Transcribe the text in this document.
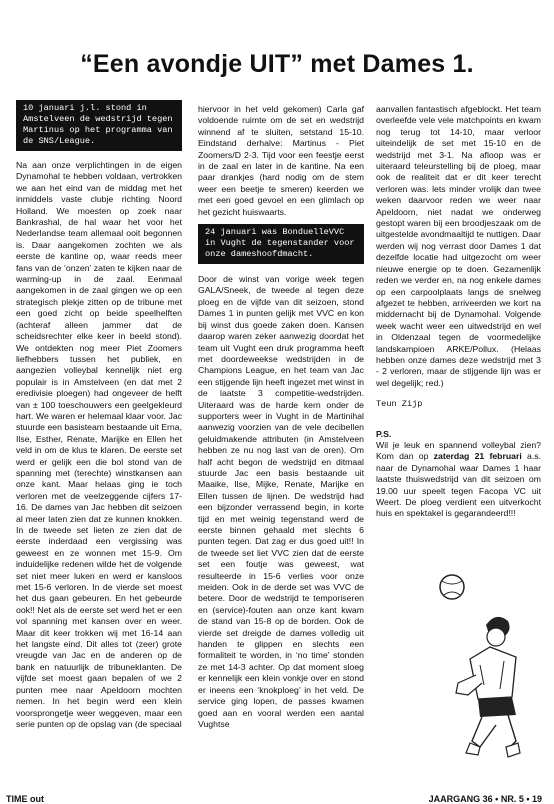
“Een avondje UIT” met Dames 1.
10 januari j.l. stond in Amstelveen de wedstrijd tegen Martinus op het programma van de SNS/League.

Na aan onze verplichtingen in de eigen Dynamohal te hebben voldaan, vertrokken we aan het eind van de middag met het inmiddels vaste clubje richting Noord Holland. We moesten op zoek naar Bankrashal, de hal waar het voor het Nederlandse team allemaal ooit begonnen is. Daar aangekomen zochten we als eerste de kantine op, waar reeds meer fans van de ‘onzen’ zaten te kijken naar de warming-up in de zaal. Eenmaal aangekomen in de zaal gingen we op een strategisch plekje zitten op de tribune met een goed zicht op beide speelhelften (achteraf alleen jammer dat de scheidsrechter elke keer in beeld stond). We ontdekten nog meer Piet Zoomers liefhebbers tussen het publiek, en aangezien volleybal kennelijk niet erg populair is in Amstelveen (en dat met 2 eredivisie ploegen) had ongeveer de helft van ± 100 toeschouwers een geelgekleurd hart. We waren er helemaal klaar voor. Jac stuurde een basisteam bestaande uit Erna, Ilse, Esther, Renate, Marijke en Ellen het veld in om de klus te klaren. De eerste set werd er gelijk een die bol stond van de spanning met (terechte) winstkansen aan onze kant. Maar helaas ging ie toch verloren met de veelzeggende cijfers 17-16. De dames van Jac hebben dit seizoen al meer laten zien dat ze kunnen knokken. In de tweede set lieten ze zien dat de eerste inderdaad een vergissing was geweest en ze wonnen met 15-9. Om induidelijke redenen wilde het de volgende set niet meer luken en werd er kansloos met 15-6 verloren. In de vierde set moest het dus gaan gebeuren. En het gebeurde ook!! Net als de eerste set werd het er een vol spanning met kansen over en weer. Maar dit keer trokken wij met 16-14 aan het langste eind. Dit alles tot (zeer) grote vreugde van Jac en de anderen op de bank en natuurlijk de tribunekIanten. De vijfde set moest gaan bepalen of we 2 punten mee naar Apeldoorn mochten nemen. In het begin werd een klein voorsprongetje weer weggeven, maar een serie punten op de opslag van (de speciaal

hiervoor in het veld gekomen) Carla gaf voldoende ruimte om de set en wedstrijd winnend af te sluiten, setstand 15-10. Eindstand derhalve: Martinus - Piet Zoomers/D 2-3. Tijd voor een feestje eerst in de zaal en later in de kantine. Na een paar drankjes (hard nodig om de stem weer een beetje te smeren) keerden we met een goed gevoel en een glimlach op het gezicht huiswaarts.

24 januari was BonduelleVVC in Vught de tegenstander voor onze dameshoofdmacht.

Door de winst van vorige week tegen GALA/Sneek, de tweede al tegen deze ploeg en de vijfde van dit seizoen, stond Dames 1 in punten gelijk met VVC en kon bij winst dus goede zaken doen. Kansen daarop waren zeker aanwezig doordat het team uit Vught een druk programma heeft met doordeweekse wedstrijden in de Champions League, en het team van Jac een stijgende lijn heeft ingezet met winst in de laatste 3 competitie-wedstrijden. Uiteraard was de harde kern onder de supporters weer in Vught in de Martinihal aanwezig voorzien van de vele decibellen geluidmakende attributen (in Amstelveen hebben ze nu nog last van de oren). Om half acht begon de wedstrijd en ditmaal stuurde Jac een basis bestaande uit Maaike, Ilse, Mijke, Renate, Marijke en Ellen tussen de lijnen. De wedstrijd had een bijzonder verrassend begin, in korte tijd en met weinig tegenstand werd de eerste binnen gehaald met slechts 6 punten tegen. Dat zag er dus goed uit!! In de tweede set liet VVC zien dat de eerste set een foutje was geweest, wat resulteerde in 15-6 verlies voor onze meiden. Ook in de derde set was VVC de betere. Door de wedstrijd te temporiseren en (service)-fouten aan onze kant kwam de stand van 15-8 op de borden. Ook de vierde set dreigde de dames volledig uit handen te glippen en slechts een formaliteit te worden, in ‘no time’ stonden ze met 14-3 achter. Op dat moment sloeg er kennelijk een klein vonkje over en stond er ineens een ‘knokploeg’ in het veld. De service ging lopen, de passes kwamen goed aan en vooral werden een aantal Vughtse

aanvallen fantastisch afgeblockt. Het team overleefde vele vele matchpoints en kwam nog terug tot 14-10, maar verloor uiteindelijk de set met 15-10 en de wedstrijd met 3-1. Na afloop was er uiteraard teleurstelling bij de ploeg, maar ook de realiteit dat er dit keer terecht verloren was. lets minder vrolijk dan twee weken daarvoor reden we weer naar Apeldoorn, niet nadat we onderweg gestopt waren bij een broodjeszaak om de uitgestelde avondmaaltijd te nuttigen. Daar werden wij nog verrast door Dames 1 dat dezelfde locatie had uitgezocht om weer nieuwe energie op te doen. Gezamenlijk reden we verder en, na nog enkele dames op een carpoolplaats langs de snelweg afgezet te hebben, arriveerden we kort na middernacht bij de Dynamohal. Volgende week wacht weer een uitwedstrijd en wel in Oldenzaal tegen de voormedelijke landskampioen ARKE/Pollux. (Helaas hebben onze dames deze wedstrijd met 3 - 2 verloren, maar de stijgende lijn was er wel degelijk; red.)

Teun Zijp

P.S.

Wil je leuk en spannend volleybal zien? Kom dan op zaterdag 21 februari a.s. naar de Dynamohal waar Dames 1 haar laatste thuiswedstrijd van dit seizoen om 19.00 uur speelt tegen Facopa VC uit Weert. De ploeg verdient een uitverkocht huis en spektakel is gegarandeerd!!!

TIME out	JAARGANG 36 • NR. 5 • 19
